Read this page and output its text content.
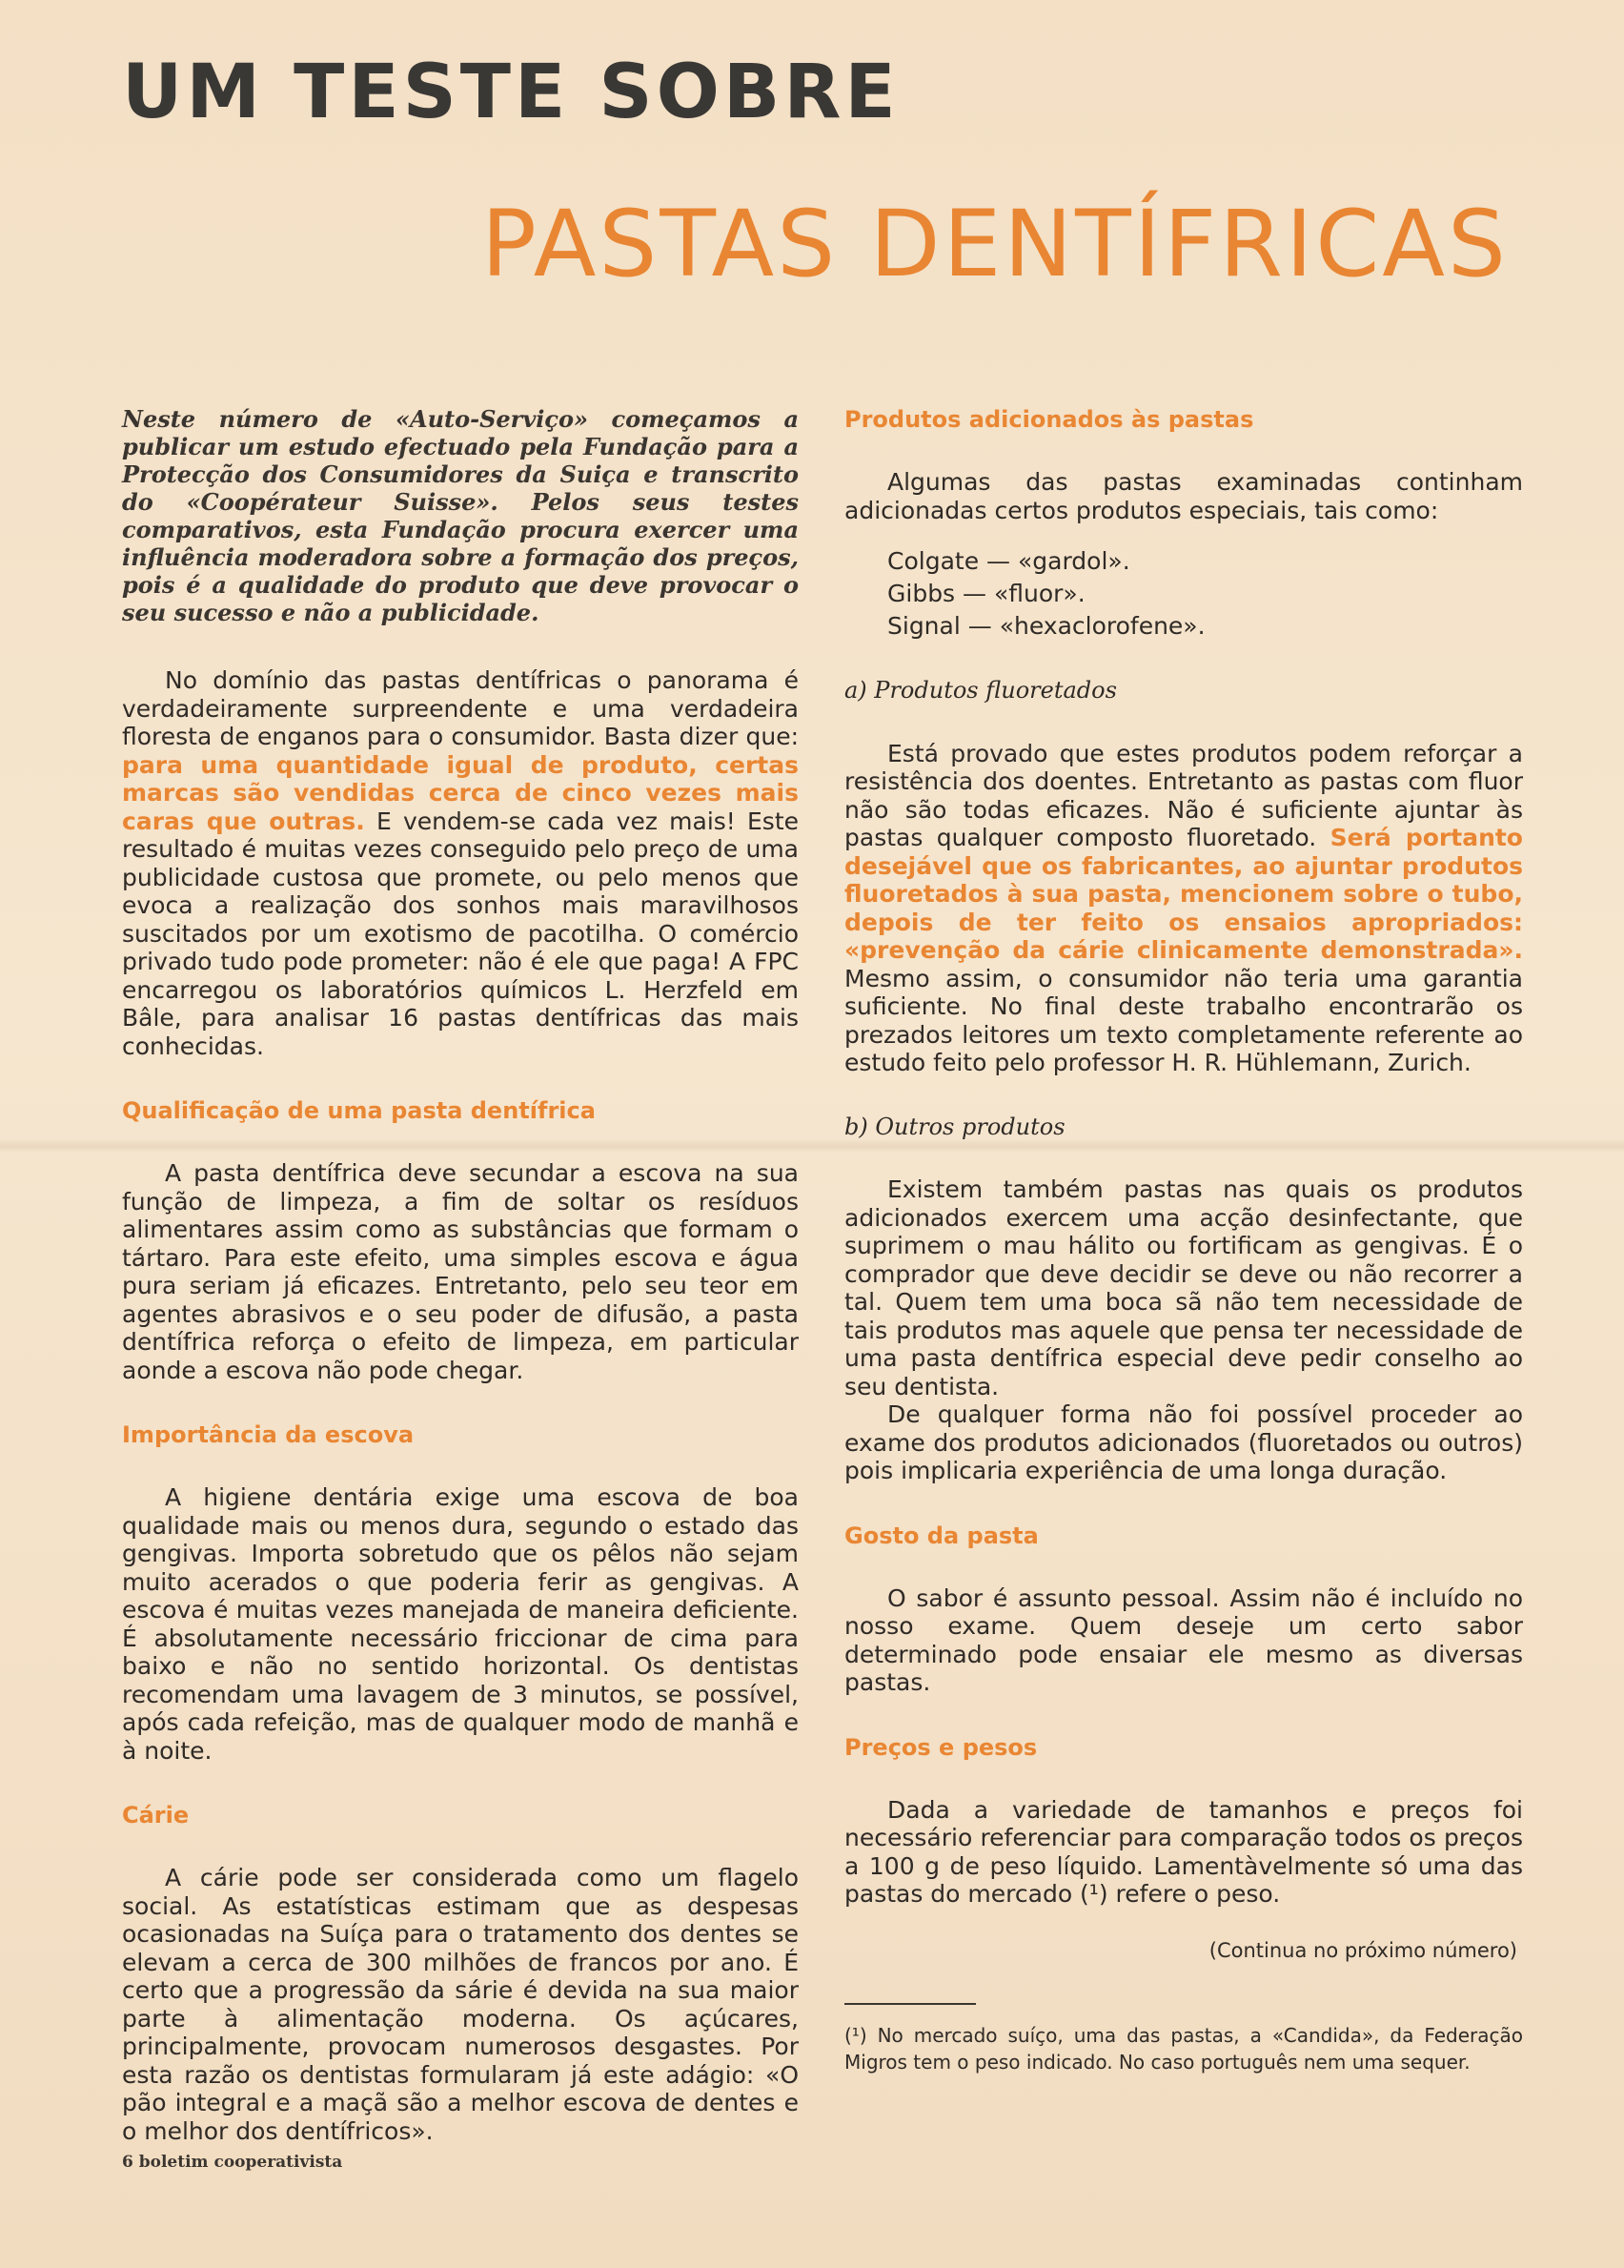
UM TESTE SOBRE
PASTAS DENTÍFRICAS

Neste número de «Auto-Serviço» começamos a publicar um estudo efectuado pela Fundação para a Protecção dos Consumidores da Suiça e transcrito do «Coopérateur Suisse». Pelos seus testes comparativos, esta Fundação procura exercer uma influência moderadora sobre a formação dos preços, pois é a qualidade do produto que deve provocar o seu sucesso e não a publicidade.

No domínio das pastas dentífricas o panorama é verdadeiramente surpreendente e uma verdadeira floresta de enganos para o consumidor. Basta dizer que: para uma quantidade igual de produto, certas marcas são vendidas cerca de cinco vezes mais caras que outras. E vendem-se cada vez mais! Este resultado é muitas vezes conseguido pelo preço de uma publicidade custosa que promete, ou pelo menos que evoca a realização dos sonhos mais maravilhosos suscitados por um exotismo de pacotilha. O comércio privado tudo pode prometer: não é ele que paga! A FPC encarregou os laboratórios químicos L. Herzfeld em Bâle, para analisar 16 pastas dentífricas das mais conhecidas.

Qualificação de uma pasta dentífrica

A pasta dentífrica deve secundar a escova na sua função de limpeza, a fim de soltar os resíduos alimentares assim como as substâncias que formam o tártaro. Para este efeito, uma simples escova e água pura seriam já eficazes. Entretanto, pelo seu teor em agentes abrasivos e o seu poder de difusão, a pasta dentífrica reforça o efeito de limpeza, em particular aonde a escova não pode chegar.

Importância da escova

A higiene dentária exige uma escova de boa qualidade mais ou menos dura, segundo o estado das gengivas. Importa sobretudo que os pêlos não sejam muito acerados o que poderia ferir as gengivas. A escova é muitas vezes manejada de maneira deficiente. É absolutamente necessário friccionar de cima para baixo e não no sentido horizontal. Os dentistas recomendam uma lavagem de 3 minutos, se possível, após cada refeição, mas de qualquer modo de manhã e à noite.

Cárie

A cárie pode ser considerada como um flagelo social. As estatísticas estimam que as despesas ocasionadas na Suíça para o tratamento dos dentes se elevam a cerca de 300 milhões de francos por ano. É certo que a progressão da sárie é devida na sua maior parte à alimentação moderna. Os açúcares, principalmente, provocam numerosos desgastes. Por esta razão os dentistas formularam já este adágio: «O pão integral e a maçã são a melhor escova de dentes e o melhor dos dentífricos».

6 boletim cooperativista
Produtos adicionados às pastas

Algumas das pastas examinadas continham adicionadas certos produtos especiais, tais como:

Colgate — «gardol».
Gibbs — «fluor».
Signal — «hexaclorofene».
a) Produtos fluoretados

Está provado que estes produtos podem reforçar a resistência dos doentes. Entretanto as pastas com fluor não são todas eficazes. Não é suficiente ajuntar às pastas qualquer composto fluoretado. Será portanto desejável que os fabricantes, ao ajuntar produtos fluoretados à sua pasta, mencionem sobre o tubo, depois de ter feito os ensaios apropriados: «prevenção da cárie clinicamente demonstrada». Mesmo assim, o consumidor não teria uma garantia suficiente. No final deste trabalho encontrarão os prezados leitores um texto completamente referente ao estudo feito pelo professor H. R. Hühlemann, Zurich.

b) Outros produtos

Existem também pastas nas quais os produtos adicionados exercem uma acção desinfectante, que suprimem o mau hálito ou fortificam as gengivas. É o comprador que deve decidir se deve ou não recorrer a tal. Quem tem uma boca sã não tem necessidade de tais produtos mas aquele que pensa ter necessidade de uma pasta dentífrica especial deve pedir conselho ao seu dentista.

De qualquer forma não foi possível proceder ao exame dos produtos adicionados (fluoretados ou outros) pois implicaria experiência de uma longa duração.

Gosto da pasta

O sabor é assunto pessoal. Assim não é incluído no nosso exame. Quem deseje um certo sabor determinado pode ensaiar ele mesmo as diversas pastas.

Preços e pesos

Dada a variedade de tamanhos e preços foi necessário referenciar para comparação todos os preços a 100 g de peso líquido. Lamentàvelmente só uma das pastas do mercado (¹) refere o peso.

(Continua no próximo número)

(¹) No mercado suíço, uma das pastas, a «Candida», da Federação Migros tem o peso indicado. No caso português nem uma sequer.
